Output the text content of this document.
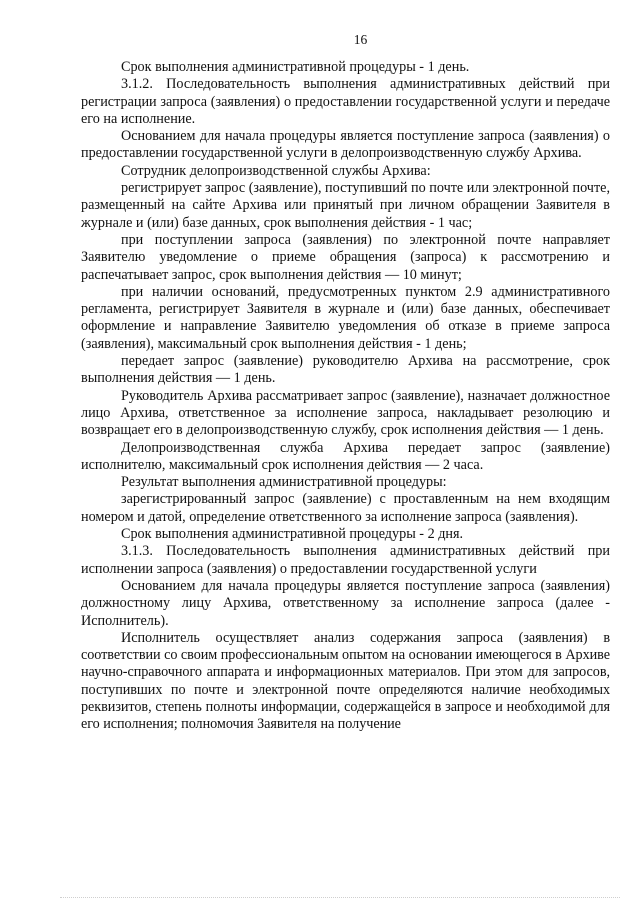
16

Срок выполнения административной процедуры - 1 день.

3.1.2. Последовательность выполнения административных действий при регистрации запроса (заявления) о предоставлении государственной услуги и передаче его на исполнение.

Основанием для начала процедуры является поступление запроса (заявления) о предоставлении государственной услуги в делопроизводственную службу Архива.

Сотрудник делопроизводственной службы Архива:

регистрирует запрос (заявление), поступивший по почте или электронной почте, размещенный на сайте Архива или принятый при личном обращении Заявителя в журнале и (или) базе данных, срок выполнения действия - 1 час;

при поступлении запроса (заявления) по электронной почте направляет Заявителю уведомление о приеме обращения (запроса) к рассмотрению и распечатывает запрос, срок выполнения действия — 10 минут;

при наличии оснований, предусмотренных пунктом 2.9 административного регламента, регистрирует Заявителя в журнале и (или) базе данных, обеспечивает оформление и направление Заявителю уведомления об отказе в приеме запроса (заявления), максимальный срок выполнения действия - 1 день;

передает запрос (заявление) руководителю Архива на рассмотрение, срок выполнения действия — 1 день.

Руководитель Архива рассматривает запрос (заявление), назначает должностное лицо Архива, ответственное за исполнение запроса, накладывает резолюцию и возвращает его в делопроизводственную службу, срок исполнения действия — 1 день.

Делопроизводственная служба Архива передает запрос (заявление) исполнителю, максимальный срок исполнения действия — 2 часа.

Результат выполнения административной процедуры:

зарегистрированный запрос (заявление) с проставленным на нем входящим номером и датой, определение ответственного за исполнение запроса (заявления).

Срок выполнения административной процедуры - 2 дня.

3.1.3. Последовательность выполнения административных действий при исполнении запроса (заявления) о предоставлении государственной услуги

Основанием для начала процедуры является поступление запроса (заявления) должностному лицу Архива, ответственному за исполнение запроса (далее - Исполнитель).

Исполнитель осуществляет анализ содержания запроса (заявления) в соответствии со своим профессиональным опытом на основании имеющегося в Архиве научно-справочного аппарата и информационных материалов. При этом для запросов, поступивших по почте и электронной почте определяются наличие необходимых реквизитов, степень полноты информации, содержащейся в запросе и необходимой для его исполнения; полномочия Заявителя на получение
